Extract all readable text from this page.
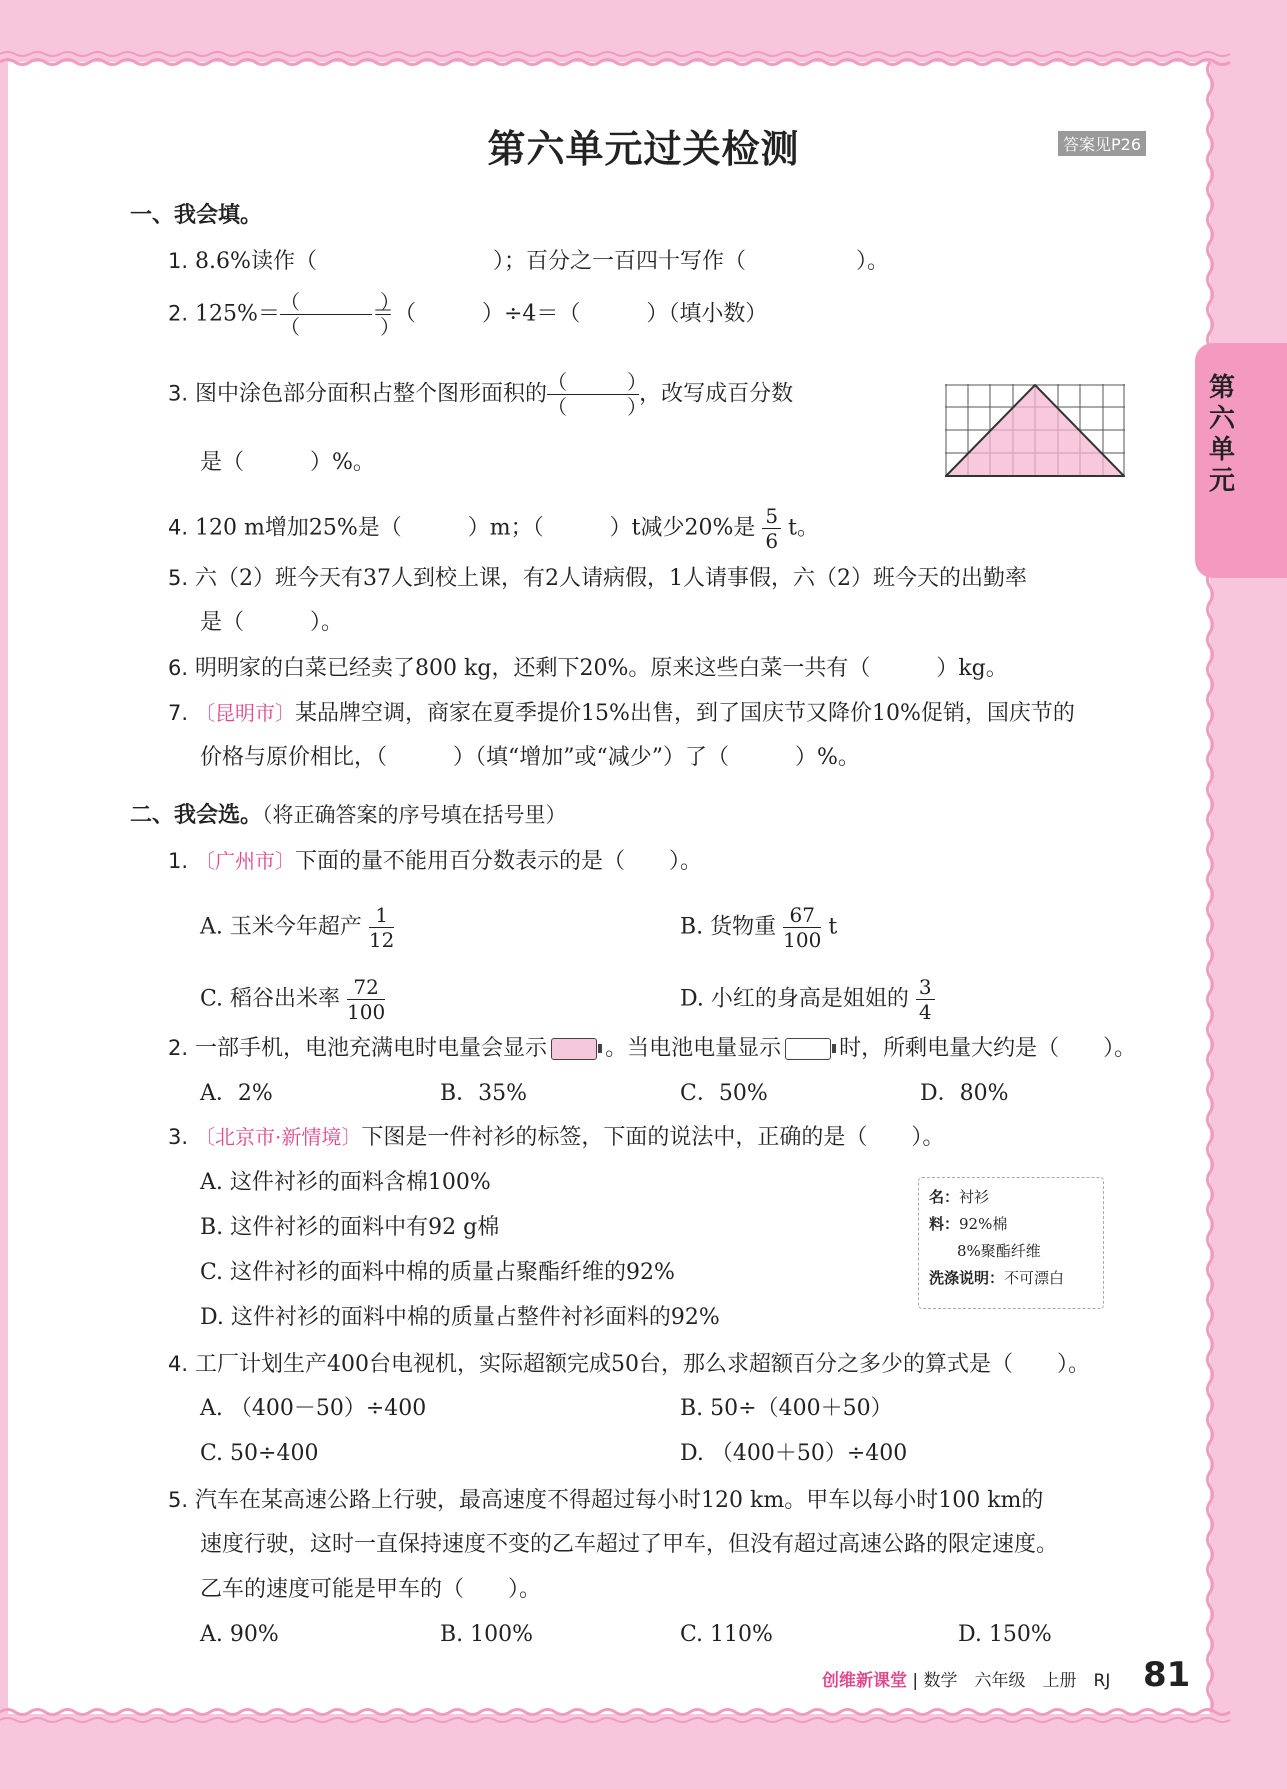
第六单元过关检测	答案见P26
第六单元
一、我会填。
1. 8.6%读作（　　　　　　　　）；百分之一百四十写作（　　　　　）。
2. 125%＝ （　　　　）
（　　　　）
＝（　　　）÷4＝（　　　）（填小数）
3. 图中涂色部分面积占整个图形面积的 （　　　）
（　　　）
，改写成百分数
是（　　　）%。
4. 120 m增加25%是（　　　）m；（　　　）t减少20%是 $\frac{5}{6}$ t。
5. 六（2）班今天有37人到校上课，有2人请病假，1人请事假，六（2）班今天的出勤率
是（　　　）。
6. 明明家的白菜已经卖了800 kg，还剩下20%。原来这些白菜一共有（　　　）kg。
7. 〔昆明市〕某品牌空调，商家在夏季提价15%出售，到了国庆节又降价10%促销，国庆节的
价格与原价相比，（　　　）（填“增加”或“减少”）了（　　　）%。
二、我会选。（将正确答案的序号填在括号里）
1. 〔广州市〕下面的量不能用百分数表示的是（　　）。
A. 玉米今年超产 $\frac{1}{12}$	B. 货物重 $\frac{67}{100}$ t
C. 稻谷出米率 $\frac{72}{100}$	D. 小红的身高是姐姐的 $\frac{3}{4}$
2. 一部手机，电池充满电时电量会显示	。当电池电量显示	时，所剩电量大约是（　　）。
A．2%	B．35%	C．50%	D．80%
3. 〔北京市·新情境〕下图是一件衬衫的标签，下面的说法中，正确的是（　　）。
A. 这件衬衫的面料含棉100%
B. 这件衬衫的面料中有92 g棉
C. 这件衬衫的面料中棉的质量占聚酯纤维的92%
D. 这件衬衫的面料中棉的质量占整件衬衫面料的92%
名：衬衫
料：92%棉
8%聚酯纤维
洗涤说明：不可漂白
4. 工厂计划生产400台电视机，实际超额完成50台，那么求超额百分之多少的算式是（　　）。
A. （400－50）÷400	B. 50÷（400＋50）
C. 50÷400	D. （400＋50）÷400
5. 汽车在某高速公路上行驶，最高速度不得超过每小时120 km。甲车以每小时100 km的
速度行驶，这时一直保持速度不变的乙车超过了甲车，但没有超过高速公路的限定速度。
乙车的速度可能是甲车的（　　）。
A. 90%	B. 100%	C. 110%	D. 150%
创维新课堂 | 数学　六年级　上册　RJ 81
